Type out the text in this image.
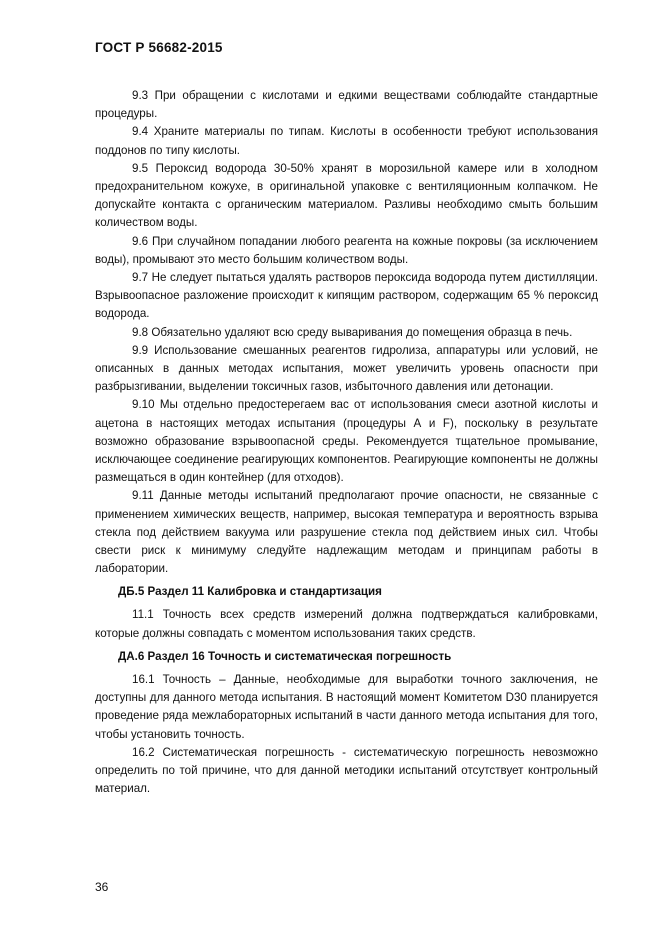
ГОСТ Р 56682-2015

9.3 При обращении с кислотами и едкими веществами соблюдайте стандартные процедуры.

9.4 Храните материалы по типам. Кислоты в особенности требуют использования поддонов по типу кислоты.

9.5 Пероксид водорода 30-50% хранят в морозильной камере или в холодном предохранительном кожухе, в оригинальной упаковке с вентиляционным колпачком. Не допускайте контакта с органическим материалом. Разливы необходимо смыть большим количеством воды.

9.6 При случайном попадании любого реагента на кожные покровы (за исключением воды), промывают это место большим количеством воды.

9.7 Не следует пытаться удалять растворов пероксида водорода путем дистилляции. Взрывоопасное разложение происходит к кипящим раствором, содержащим 65 % пероксид водорода.

9.8 Обязательно удаляют всю среду вываривания до помещения образца в печь.

9.9 Использование смешанных реагентов гидролиза, аппаратуры или условий, не описанных в данных методах испытания, может увеличить уровень опасности при разбрызгивании, выделении токсичных газов, избыточного давления или детонации.

9.10 Мы отдельно предостерегаем вас от использования смеси азотной кислоты и ацетона в настоящих методах испытания (процедуры А и F), поскольку в результате возможно образование взрывоопасной среды. Рекомендуется тщательное промывание, исключающее соединение реагирующих компонентов. Реагирующие компоненты не должны размещаться в один контейнер (для отходов).

9.11 Данные методы испытаний предполагают прочие опасности, не связанные с применением химических веществ, например, высокая температура и вероятность взрыва стекла под действием вакуума или разрушение стекла под действием иных сил. Чтобы свести риск к минимуму следуйте надлежащим методам и принципам работы в лаборатории.

ДБ.5 Раздел 11 Калибровка и стандартизация

11.1 Точность всех средств измерений должна подтверждаться калибровками, которые должны совпадать с моментом использования таких средств.

ДА.6 Раздел 16 Точность и систематическая погрешность

16.1 Точность – Данные, необходимые для выработки точного заключения, не доступны для данного метода испытания. В настоящий момент Комитетом D30 планируется проведение ряда межлабораторных испытаний в части данного метода испытания для того, чтобы установить точность.

16.2 Систематическая погрешность - систематическую погрешность невозможно определить по той причине, что для данной методики испытаний отсутствует контрольный материал.

36
